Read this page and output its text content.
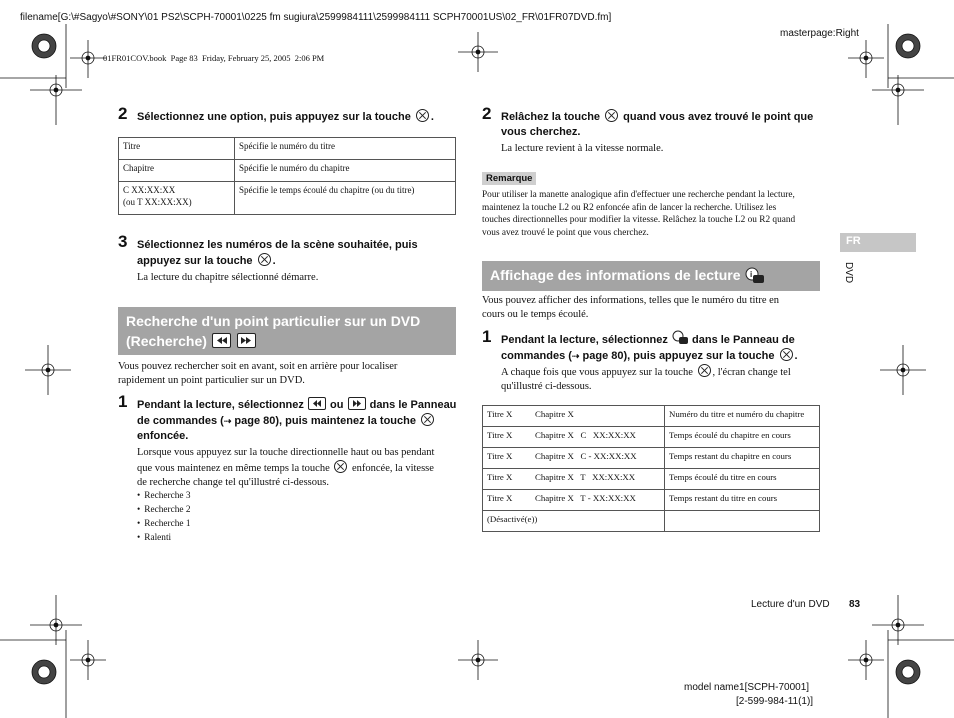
filename[G:\#Sagyo\#SONY\01 PS2\SCPH-70001\0225 fm sugiura\2599984111\2599984111 SCPH70001US\02_FR\01FR07DVD.fm]
masterpage:Right
01FR01COV.book  Page 83  Friday, February 25, 2005  2:06 PM
2 Sélectionnez une option, puis appuyez sur la touche .
Titre	Spécifie le numéro du titre
Chapitre	Spécifie le numéro du chapitre

C XX:XX:XX
(ou T XX:XX:XX)	Spécifie le temps écoulé du chapitre (ou du titre)
3 Sélectionnez les numéros de la scène souhaitée, puis
appuyez sur la touche .
La lecture du chapitre sélectionné démarre.
Recherche d'un point particulier sur un DVD
(Recherche)

Vous pouvez rechercher soit en avant, soit en arrière pour localiser
rapidement un point particulier sur un DVD.
1 Pendant la lecture, sélectionnez ou dans le Panneau
de commandes (⇢ page 80), puis maintenez la touche
enfoncée.
Lorsque vous appuyez sur la touche directionnelle haut ou bas pendant
que vous maintenez en même temps la touche enfoncée, la vitesse
de recherche change tel qu'illustré ci-dessous.
• Recherche 3
• Recherche 2
• Recherche 1
• Ralenti
2 Relâchez la touche quand vous avez trouvé le point que
vous cherchez.
La lecture revient à la vitesse normale.
Remarque
Pour utiliser la manette analogique afin d'effectuer une recherche pendant la lecture,
maintenez la touche L2 ou R2 enfoncée afin de lancer la recherche. Utilisez les
touches directionnelles pour modifier la vitesse. Relâchez la touche L2 ou R2 quand
vous avez trouvé le point que vous cherchez.
Affichage des informations de lecture i
Vous pouvez afficher des informations, telles que le numéro du titre en
cours ou le temps écoulé.
1 Pendant la lecture, sélectionnez dans le Panneau de
commandes (⇢ page 80), puis appuyez sur la touche .
A chaque fois que vous appuyez sur la touche , l'écran change tel
qu'illustré ci-dessous.
Titre X	Chapitre X	Numéro du titre et numéro du chapitre
Titre X	Chapitre X   C   XX:XX:XX	Temps écoulé du chapitre en cours
Titre X	Chapitre X   C - XX:XX:XX	Temps restant du chapitre en cours
Titre X	Chapitre X   T   XX:XX:XX	Temps écoulé du titre en cours
Titre X	Chapitre X   T - XX:XX:XX	Temps restant du titre en cours
(Désactivé(e))		
FR
DVD
Lecture d'un DVD 83
model name1[SCPH-70001]
[2-599-984-11(1)]
